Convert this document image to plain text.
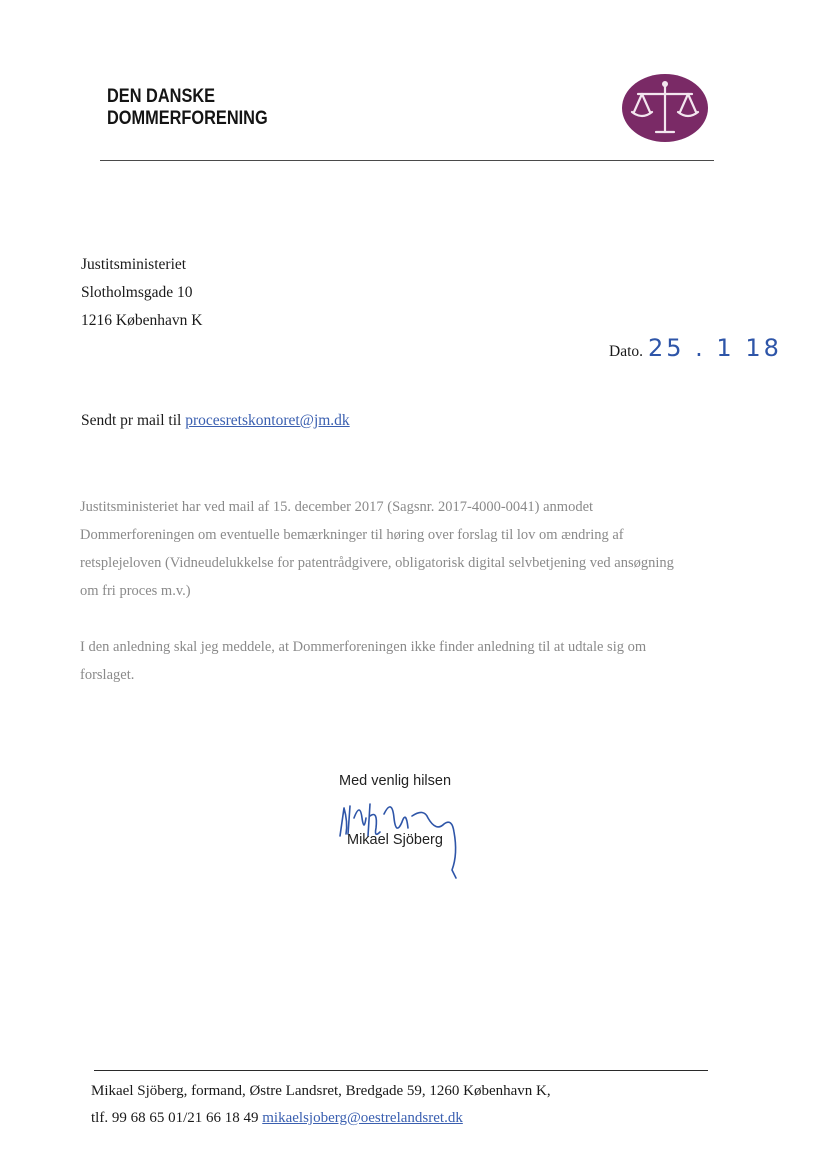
DEN DANSKE
DOMMERFORENING
Justitsministeriet
Slotholmsgade 10
1216 København K
Dato. 25 . 1 18
Sendt pr mail til procesretskontoret@jm.dk
Justitsministeriet har ved mail af 15. december 2017 (Sagsnr. 2017-4000-0041) anmodet
Dommerforeningen om eventuelle bemærkninger til høring over forslag til lov om ændring af
retsplejeloven (Vidneudelukkelse for patentrådgivere, obligatorisk digital selvbetjening ved ansøgning
om fri proces m.v.)
I den anledning skal jeg meddele, at Dommerforeningen ikke finder anledning til at udtale sig om
forslaget.
Med venlig hilsen
Mikael Sjöberg
Mikael Sjöberg, formand, Østre Landsret, Bredgade 59, 1260 København K,
tlf. 99 68 65 01/21 66 18 49 mikaelsjoberg@oestrelandsret.dk
